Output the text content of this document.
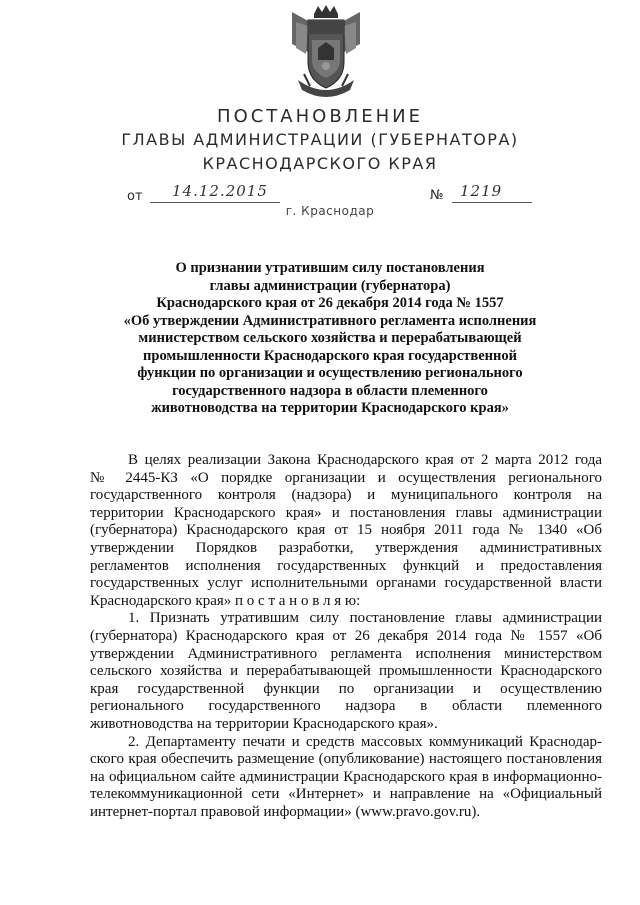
ПОСТАНОВЛЕНИЕ
ГЛАВЫ АДМИНИСТРАЦИИ (ГУБЕРНАТОРА)
КРАСНОДАРСКОГО КРАЯ
от 14.12.2015	№ 1219
г. Краснодар
О признании утратившим силу постановления
главы администрации (губернатора)
Краснодарского края от 26 декабря 2014 года № 1557
«Об утверждении Административного регламента исполнения
министерством сельского хозяйства и перерабатывающей
промышленности Краснодарского края государственной
функции по организации и осуществлению регионального
государственного надзора в области племенного
животноводства на территории Краснодарского края»
В целях реализации Закона Краснодарского края от 2 марта 2012 года
№ 2445-КЗ «О порядке организации и осуществления регионального
государственного контроля (надзора) и муниципального контроля на
территории Краснодарского края» и постановления главы администрации
(губернатора) Краснодарского края от 15 ноября 2011 года № 1340 «Об
утверждении Порядков разработки, утверждения административных
регламентов исполнения государственных функций и предоставления
государственных услуг исполнительными органами государственной власти
Краснодарского края» п о с т а н о в л я ю:
1. Признать утратившим силу постановление главы администрации
(губернатора) Краснодарского края от 26 декабря 2014 года № 1557 «Об
утверждении Административного регламента исполнения министерством
сельского хозяйства и перерабатывающей промышленности Краснодарского
края государственной функции по организации и осуществлению
регионального государственного надзора в области племенного
животноводства на территории Краснодарского края».
2. Департаменту печати и средств массовых коммуникаций Краснодар-
ского края обеспечить размещение (опубликование) настоящего постановления
на официальном сайте администрации Краснодарского края в информационно-
телекоммуникационной сети «Интернет» и направление на «Официальный
интернет-портал правовой информации» (www.pravo.gov.ru).
